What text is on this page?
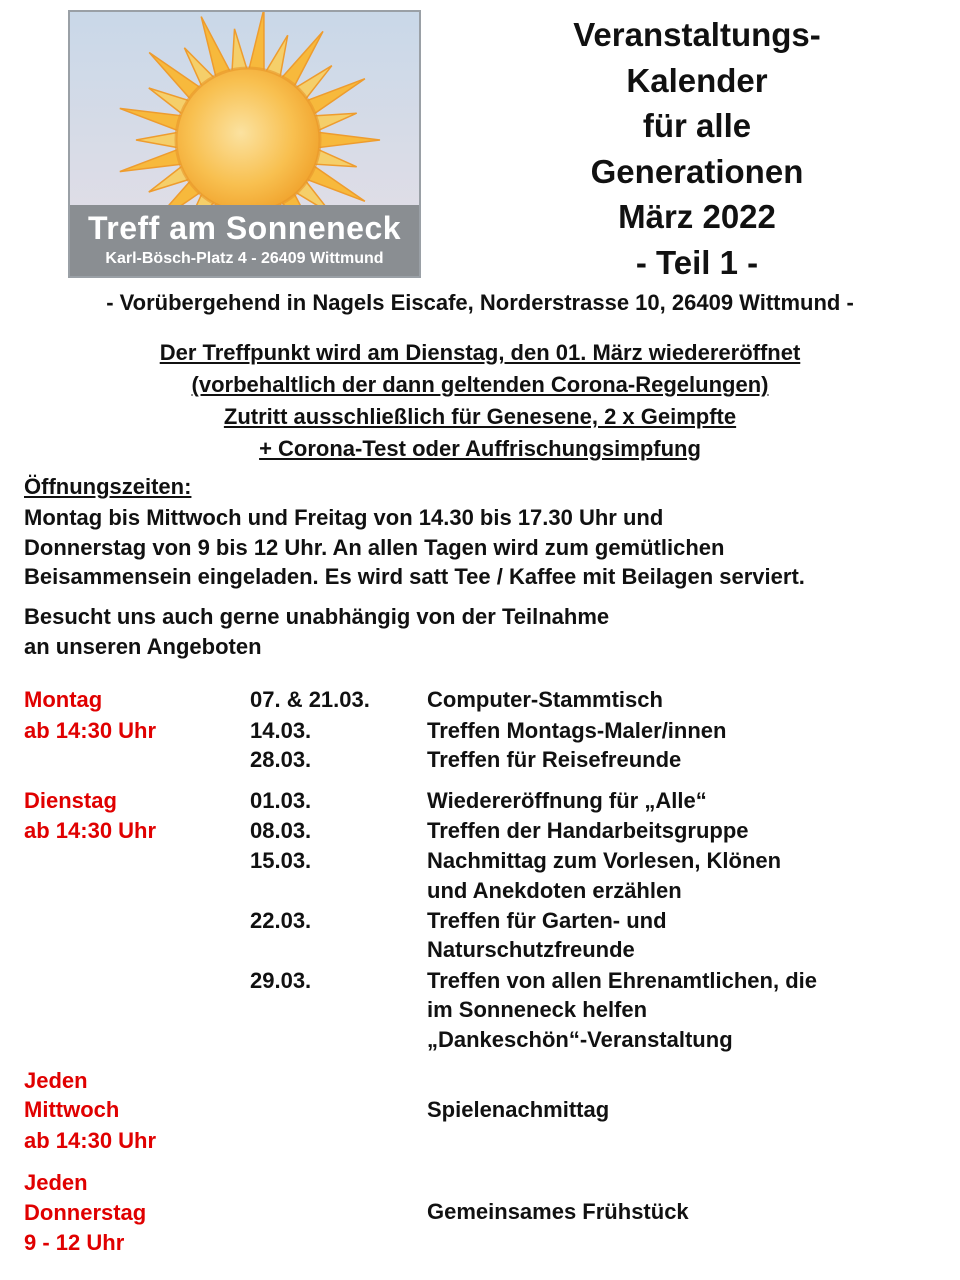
Treff am Sonneneck
Karl-Bösch-Platz 4 - 26409 Wittmund
Veranstaltungs-
Kalender
für alle
Generationen
März 2022
- Teil 1 -
- Vorübergehend in Nagels Eiscafe, Norderstrasse 10, 26409 Wittmund -
Der Treffpunkt wird am Dienstag, den 01. März wiedereröffnet
(vorbehaltlich der dann geltenden Corona-Regelungen)
Zutritt ausschließlich für Genesene, 2 x Geimpfte
+ Corona-Test oder Auffrischungsimpfung
Öffnungszeiten:
Montag bis Mittwoch und Freitag von 14.30 bis 17.30 Uhr und
Donnerstag von 9 bis 12 Uhr. An allen Tagen wird zum gemütlichen
Beisammensein eingeladen. Es wird satt Tee / Kaffee mit Beilagen serviert.
Besucht uns auch gerne unabhängig von der Teilnahme
an unseren Angeboten
Montag
ab 14:30 Uhr
07. & 21.03.	Computer-Stammtisch
14.03.	Treffen Montags-Maler/innen
28.03.	Treffen für Reisefreunde
Dienstag
ab 14:30 Uhr
01.03.	Wiedereröffnung für „Alle“
08.03.	Treffen der Handarbeitsgruppe
15.03.	Nachmittag zum Vorlesen, Klönen
und Anekdoten erzählen
22.03.	Treffen für Garten- und
Naturschutzfreunde
29.03.	Treffen von allen Ehrenamtlichen, die
im Sonneneck helfen
„Dankeschön“-Veranstaltung
Jeden
Mittwoch
ab 14:30 Uhr
Spielenachmittag
Jeden
Donnerstag
9 - 12 Uhr
Gemeinsames Frühstück
